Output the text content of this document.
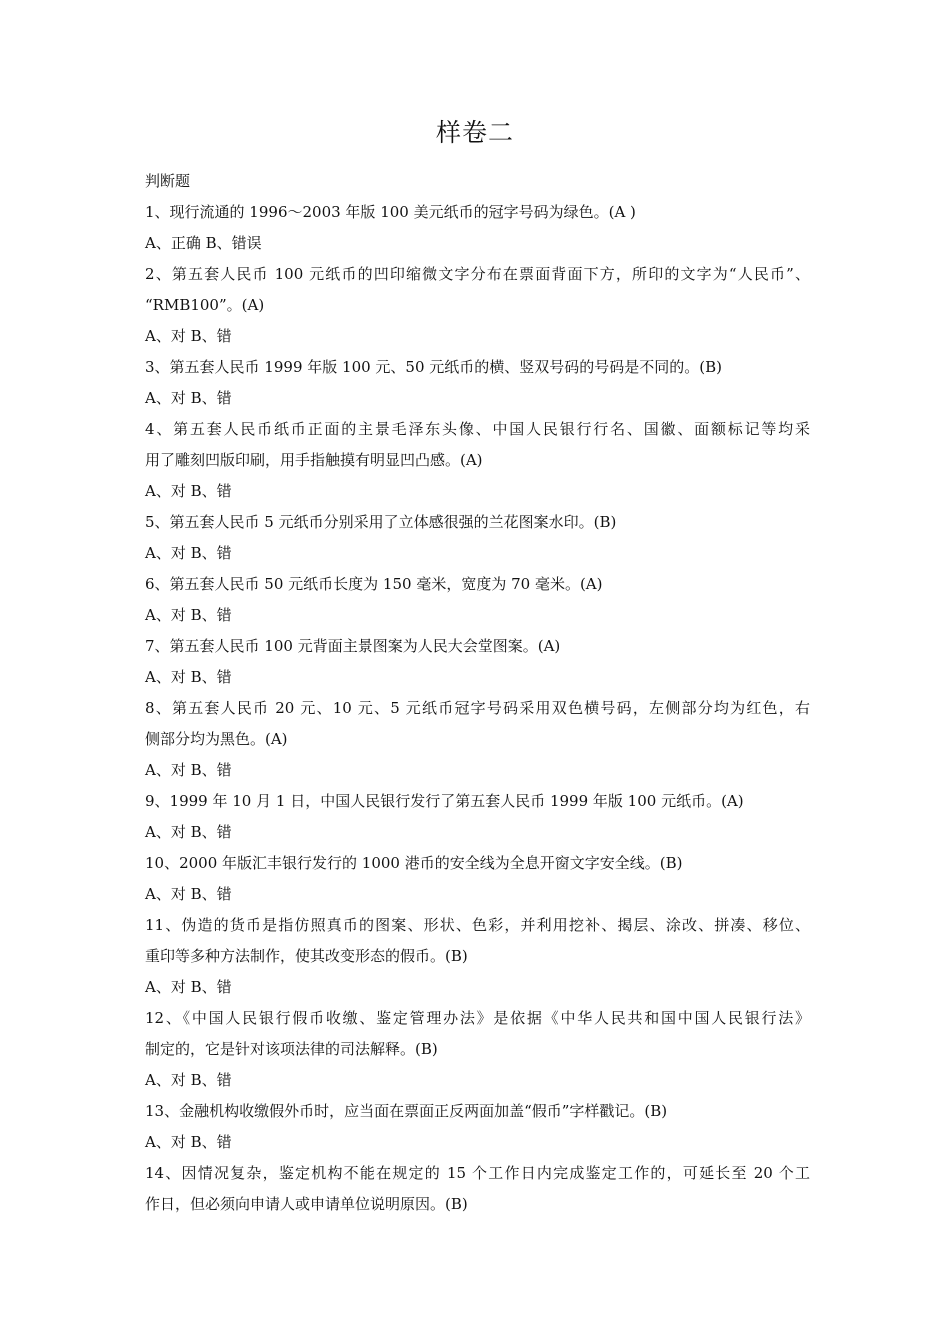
样卷二
判断题
1、现行流通的 1996～2003 年版 100 美元纸币的冠字号码为绿色。(A )
A、正确 B、错误
2、第五套人民币 100 元纸币的凹印缩微文字分布在票面背面下方，所印的文字为“人民币”、
“RMB100”。(A)
A、对 B、错
3、第五套人民币 1999 年版 100 元、50 元纸币的横、竖双号码的号码是不同的。(B)
A、对 B、错
4、第五套人民币纸币正面的主景毛泽东头像、中国人民银行行名、国徽、面额标记等均采
用了雕刻凹版印刷，用手指触摸有明显凹凸感。(A)
A、对 B、错
5、第五套人民币 5 元纸币分别采用了立体感很强的兰花图案水印。(B)
A、对 B、错
6、第五套人民币 50 元纸币长度为 150 毫米，宽度为 70 毫米。(A)
A、对 B、错
7、第五套人民币 100 元背面主景图案为人民大会堂图案。(A)
A、对 B、错
8、第五套人民币 20 元、10 元、5 元纸币冠字号码采用双色横号码，左侧部分均为红色，右
侧部分均为黑色。(A)
A、对 B、错
9、1999 年 10 月 1 日，中国人民银行发行了第五套人民币 1999 年版 100 元纸币。(A)
A、对 B、错
10、2000 年版汇丰银行发行的 1000 港币的安全线为全息开窗文字安全线。(B)
A、对 B、错
11、伪造的货币是指仿照真币的图案、形状、色彩，并利用挖补、揭层、涂改、拼凑、移位、
重印等多种方法制作，使其改变形态的假币。(B)
A、对 B、错
12、《中国人民银行假币收缴、鉴定管理办法》是依据《中华人民共和国中国人民银行法》
制定的，它是针对该项法律的司法解释。(B)
A、对 B、错
13、金融机构收缴假外币时，应当面在票面正反两面加盖“假币”字样戳记。(B)
A、对 B、错
14、因情况复杂，鉴定机构不能在规定的 15 个工作日内完成鉴定工作的，可延长至 20 个工
作日，但必须向申请人或申请单位说明原因。(B)
